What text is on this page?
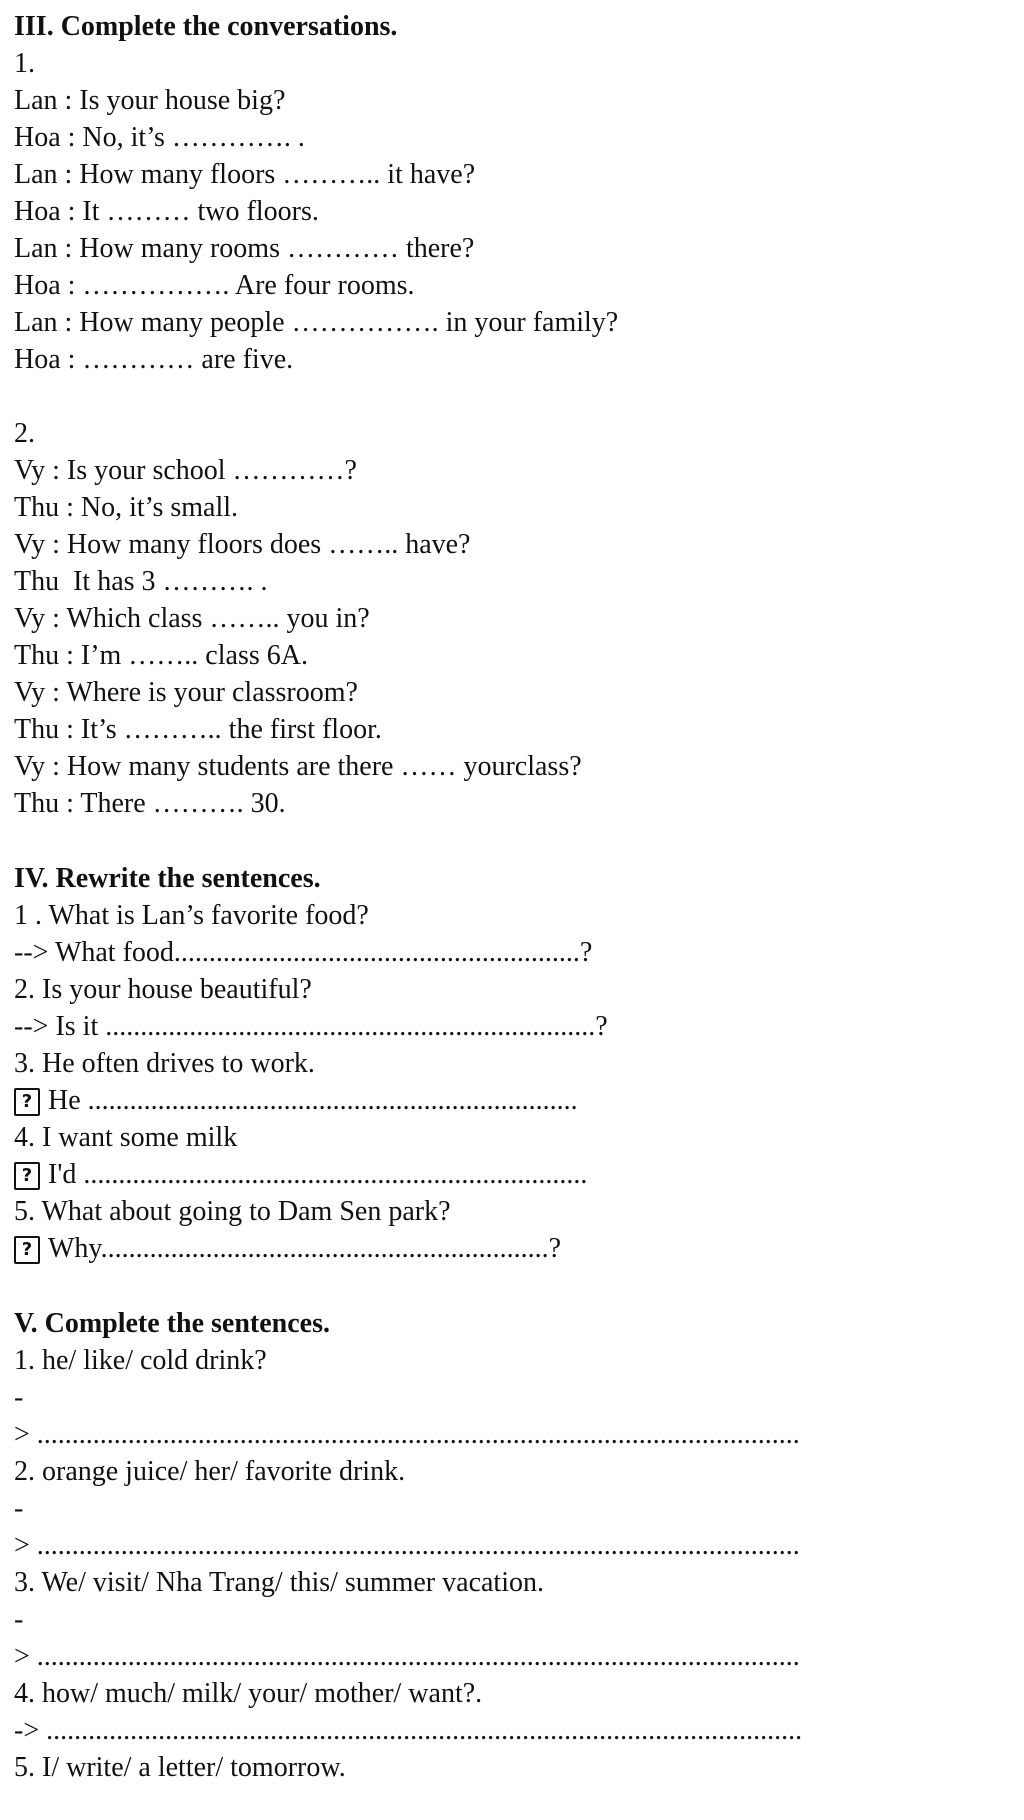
III. Complete the conversations.
1.
Lan : Is your house big?
Hoa : No, it’s …………. .
Lan : How many floors ……….. it have?
Hoa : It ……… two floors.
Lan : How many rooms ………… there?
Hoa : ……………. Are four rooms.
Lan : How many people ……………. in your family?
Hoa : ………… are five.
2.
Vy : Is your school …………?
Thu : No, it’s small.
Vy : How many floors does …….. have?
Thu  It has 3 ………. .
Vy : Which class …….. you in?
Thu : I’m …….. class 6A.
Vy : Where is your classroom?
Thu : It’s ……….. the first floor.
Vy : How many students are there …… yourclass?
Thu : There ………. 30.
IV. Rewrite the sentences.
1 . What is Lan’s favorite food?
--> What food..........................................................?
2. Is your house beautiful?
--> Is it ......................................................................?
3. He often drives to work.
? He ......................................................................
4. I want some milk
? I'd ........................................................................
5. What about going to Dam Sen park?
? Why................................................................?
V. Complete the sentences.
1. he/ like/ cold drink?
-
> .............................................................................................................
2. orange juice/ her/ favorite drink.
-
> .............................................................................................................
3. We/ visit/ Nha Trang/ this/ summer vacation.
-
> .............................................................................................................
4. how/ much/ milk/ your/ mother/ want?.
-> ............................................................................................................
5. I/ write/ a letter/ tomorrow.
